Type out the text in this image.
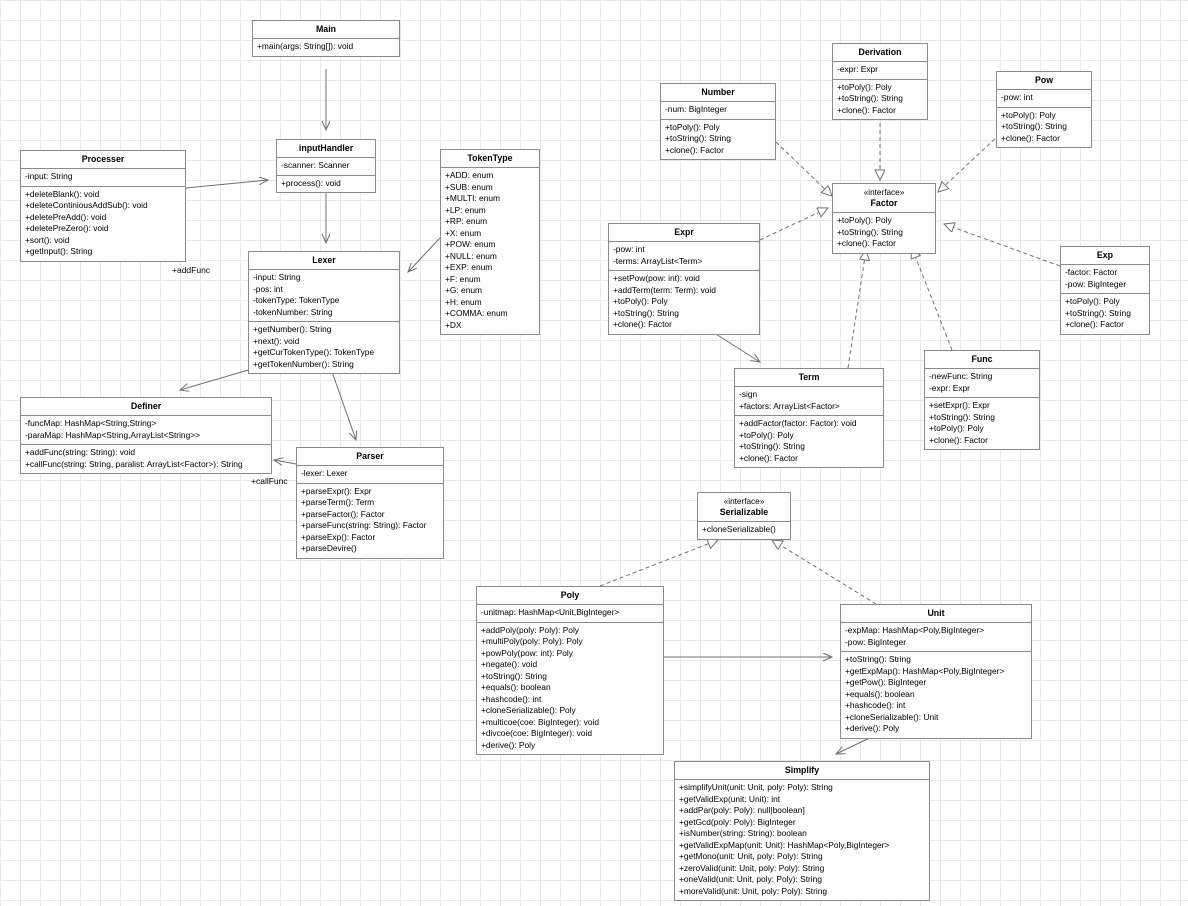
+addFunc
+callFunc
Main
+main(args: String[]): void
Processer
-input: String
+deleteBlank(): void
+deleteContiniousAddSub(): void
+deletePreAdd(): void
+deletePreZero(): void
+sort(): void
+getInput(): String
inputHandler
-scanner: Scanner
+process(): void
TokenType
+ADD: enum
+SUB: enum
+MULTI: enum
+LP: enum
+RP: enum
+X: enum
+POW: enum
+NULL: enum
+EXP: enum
+F: enum
+G: enum
+H: enum
+COMMA: enum
+DX
Lexer
-input: String
-pos: int
-tokenType: TokenType
-tokenNumber: String
+getNumber(): String
+next(): void
+getCurTokenType(): TokenType
+getTokenNumber(): String
Definer
-funcMap: HashMap<String,String>
-paraMap: HashMap<String,ArrayList<String>>
+addFunc(string: String): void
+callFunc(string: String, paralist: ArrayList<Factor>): String
Parser
-lexer: Lexer
+parseExpr(): Expr
+parseTerm(): Term
+parseFactor(): Factor
+parseFunc(string: String): Factor
+parseExp(): Factor
+parseDevire()
Number
-num: BigInteger
+toPoly(): Poly
+toString(): String
+clone(): Factor
Derivation
-expr: Expr
+toPoly(): Poly
+toString(): String
+clone(): Factor
Pow
-pow: int
+toPoly(): Poly
+toString(): String
+clone(): Factor
«interface»
Factor
+toPoly(): Poly
+toString(): String
+clone(): Factor
Expr
-pow: int
-terms: ArrayList<Term>
+setPow(pow: int): void
+addTerm(term: Term): void
+toPoly(): Poly
+toString(): String
+clone(): Factor
Exp
-factor: Factor
-pow: BigInteger
+toPoly(): Poly
+toString(): String
+clone(): Factor
Func
-newFunc: String
-expr: Expr
+setExpr(): Expr
+toString(): String
+toPoly(): Poly
+clone(): Factor
Term
-sign
+factors: ArrayList<Factor>
+addFactor(factor: Factor): void
+toPoly(): Poly
+toString(): String
+clone(): Factor
«interface»
Serializable
+cloneSerializable()
Poly
-unitmap: HashMap<Unit,BigInteger>
+addPoly(poly: Poly): Poly
+multiPoly(poly: Poly): Poly
+powPoly(pow: int): Poly
+negate(): void
+toString(): String
+equals(): boolean
+hashcode(): int
+cloneSerializable(): Poly
+multicoe(coe: BigInteger): void
+divcoe(coe: BigInteger): void
+derive(): Poly
Unit
-expMap: HashMap<Poly,BigInteger>
-pow: BigInteger
+toString(): String
+getExpMap(): HashMap<Poly,BigInteger>
+getPow(): BigInteger
+equals(): boolean
+hashcode(): int
+cloneSerializable(): Unit
+derive(): Poly
Simplify
+simplifyUnit(unit: Unit, poly: Poly): String
+getValidExp(unit: Unit): int
+addPar(poly: Poly): null|boolean]
+getGcd(poly: Poly): BigInteger
+isNumber(string: String): boolean
+getValidExpMap(unit: Unit): HashMap<Poly,BigInteger>
+getMono(unit: Unit, poly: Poly): String
+zeroValid(unit: Unit, poly: Poly): String
+oneValid(unit: Unit, poly: Poly): String
+moreValid(unit: Unit, poly: Poly): String
